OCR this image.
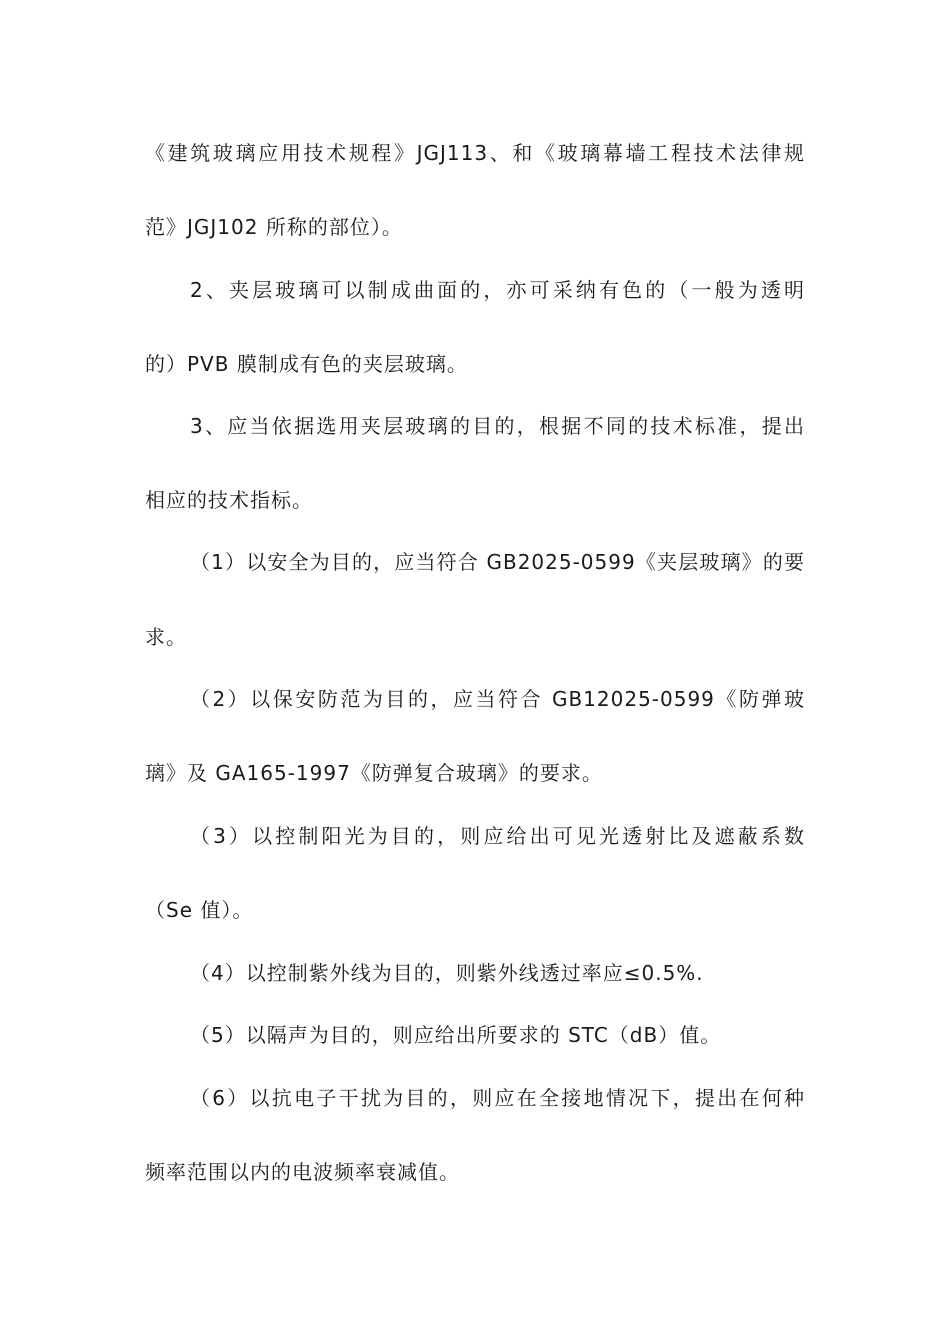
《建筑玻璃应用技术规程》JGJ113、和《玻璃幕墙工程技术法律规
范》JGJ102 所称的部位）。
2、夹层玻璃可以制成曲面的，亦可采纳有色的（一般为透明
的）PVB 膜制成有色的夹层玻璃。
3、应当依据选用夹层玻璃的目的，根据不同的技术标准，提出
相应的技术指标。
（1）以安全为目的，应当符合 GB2025-0599《夹层玻璃》的要
求。
（2）以保安防范为目的，应当符合 GB12025-0599《防弹玻
璃》及 GA165-1997《防弹复合玻璃》的要求。
（3）以控制阳光为目的，则应给出可见光透射比及遮蔽系数
（Se 值）。
（4）以控制紫外线为目的，则紫外线透过率应≤0.5%.
（5）以隔声为目的，则应给出所要求的 STC（dB）值。
（6）以抗电子干扰为目的，则应在全接地情况下，提出在何种
频率范围以内的电波频率衰减值。
